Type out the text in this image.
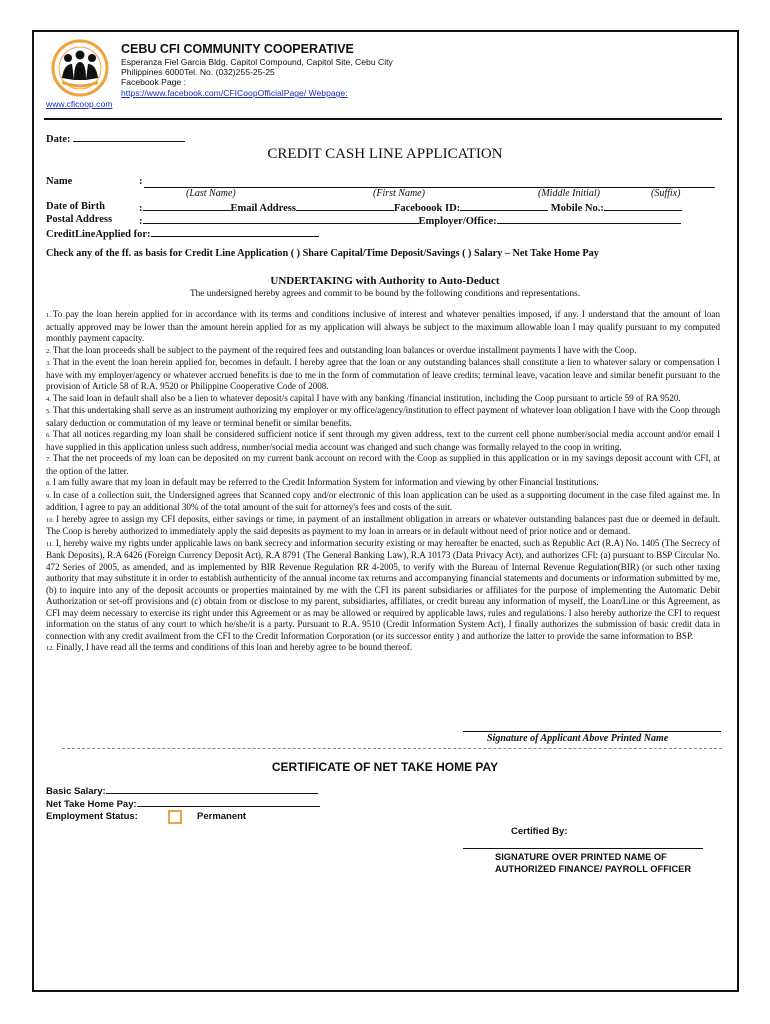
CEBU CFI COMMUNITY COOPERATIVE
Esperanza Fiel Garcia Bldg. Capitol Compound, Capitol Site, Cebu City
Philippines 6000Tel. No. (032)255-25-25
Facebook Page :
https://www.facebook.com/CFICoopOfficialPage/ Webpage:
www.cficoop.com
Date:
CREDIT CASH LINE APPLICATION
Name	:
(Last Name)	(First Name)	(Middle Initial)	(Suffix)
Date of Birth	:	Email Address	Faceboook ID:	Mobile No.:
Postal Address	:	Employer/Office:
CreditLineApplied for:
Check any of the ff. as basis for Credit Line Application ( ) Share Capital/Time Deposit/Savings ( ) Salary – Net Take Home Pay
UNDERTAKING with Authority to Auto-Deduct
The undersigned hereby agrees and commit to be bound by the following conditions and representations.

1. To pay the loan herein applied for in accordance with its terms and conditions inclusive of interest and whatever penalties imposed, if any. I understand that the amount of loan actually approved may be lower than the amount herein applied for as my application will always be subject to the maximum allowable loan I may qualify pursuant to my computed monthly payment capacity.

2. That the loan proceeds shall be subject to the payment of the required fees and outstanding loan balances or overdue installment payments I have with the Coop.

3. That in the event the loan herein applied for, becomes in default. I hereby agree that the loan or any outstanding balances shall constitute a lien to whatever salary or compensation I have with my employer/agency or whatever accrued benefits is due to me in the form of commutation of leave credits; terminal leave, vacation leave and similar benefit pursuant to the provision of Article 58 of R.A. 9520 or Philippine Cooperative Code of 2008.

4. The said loan in default shall also be a lien to whatever deposit/s capital I have with any banking /financial institution, including the Coop pursuant to article 59 of RA 9520.

5. That this undertaking shall serve as an instrument authorizing my employer or my office/agency/institution to effect payment of whatever loan obligation I have with the Coop through salary deduction or commutation of my leave or terminal benefit or similar benefits.

6. That all notices regarding my loan shall be considered sufficient notice if sent through my given address, text to the current cell phone number/social media account and/or email I have supplied in this application unless such address, number/social media account was changed and such change was formally relayed to the coop in writing.

7. That the net proceeds of my loan can be deposited on my current bank account on record with the Coop as supplied in this application or in my savings deposit account with CFI, at the option of the latter.

8. I am fully aware that my loan in default may be referred to the Credit Information System for information and viewing by other Financial Institutions.

9. In case of a collection suit, the Undersigned agrees that Scanned copy and/or electronic of this loan application can be used as a supporting document in the case filed against me. In addition, I agree to pay an additional 30% of the total amount of the suit for attorney's fees and costs of the suit.

10. I hereby agree to assign my CFI deposits, either savings or time, in payment of an installment obligation in arrears or whatever outstanding balances past due or deemed in default. The Coop is hereby authorized to immediately apply the said deposits as payment to my loan in arrears or in default without need of prior notice and or demand.

11. I, hereby waive my rights under applicable laws on bank secrecy and information security existing or may hereafter be enacted, such as Republic Act (R.A) No. 1405 (The Secrecy of Bank Deposits), R.A 6426 (Foreign Currency Deposit Act), R.A 8791 (The General Banking Law), R.A 10173 (Data Privacy Act), and authorizes CFI: (a) pursuant to BSP Circular No. 472 Series of 2005, as amended, and as implemented by BIR Revenue Regulation RR 4-2005, to verify with the Bureau of Internal Revenue Regulation(BIR) (or such other taxing authority that may substitute it in order to establish authenticity of the annual income tax returns and accompanying financial statements and documents or information submitted by me, (b) to inquire into any of the deposit accounts or properties maintained by me with the CFI its parent subsidiaries or affiliates for the purpose of implementing the Automatic Debit Authorization or set-off provisions and (c) obtain from or disclose to my parent, subsidiaries, affiliates, or credit bureau any information of myself, the Loan/Line or this Agreement, as CFI may deem necessary to exercise its right under this Agreement or as may be allowed or required by applicable laws, rules and regulations. I also hereby authorize the CFI to request information on the status of any court to which he/she/it is a party. Pursuant to R.A. 9510 (Credit Information System Act), I finally authorizes the submission of basic credit data in connection with any credit availment from the CFI to the Credit Information Corporation (or its successor entity ) and authorize the latter to provide the same information to BSP.

12. Finally, I have read all the terms and conditions of this loan and hereby agree to be bound thereof.

Signature of Applicant Above Printed Name
CERTIFICATE OF NET TAKE HOME PAY
Basic Salary:
Net Take Home Pay:
Employment Status:	Permanent
Certified By:
SIGNATURE OVER PRINTED NAME OF
AUTHORIZED FINANCE/ PAYROLL OFFICER
